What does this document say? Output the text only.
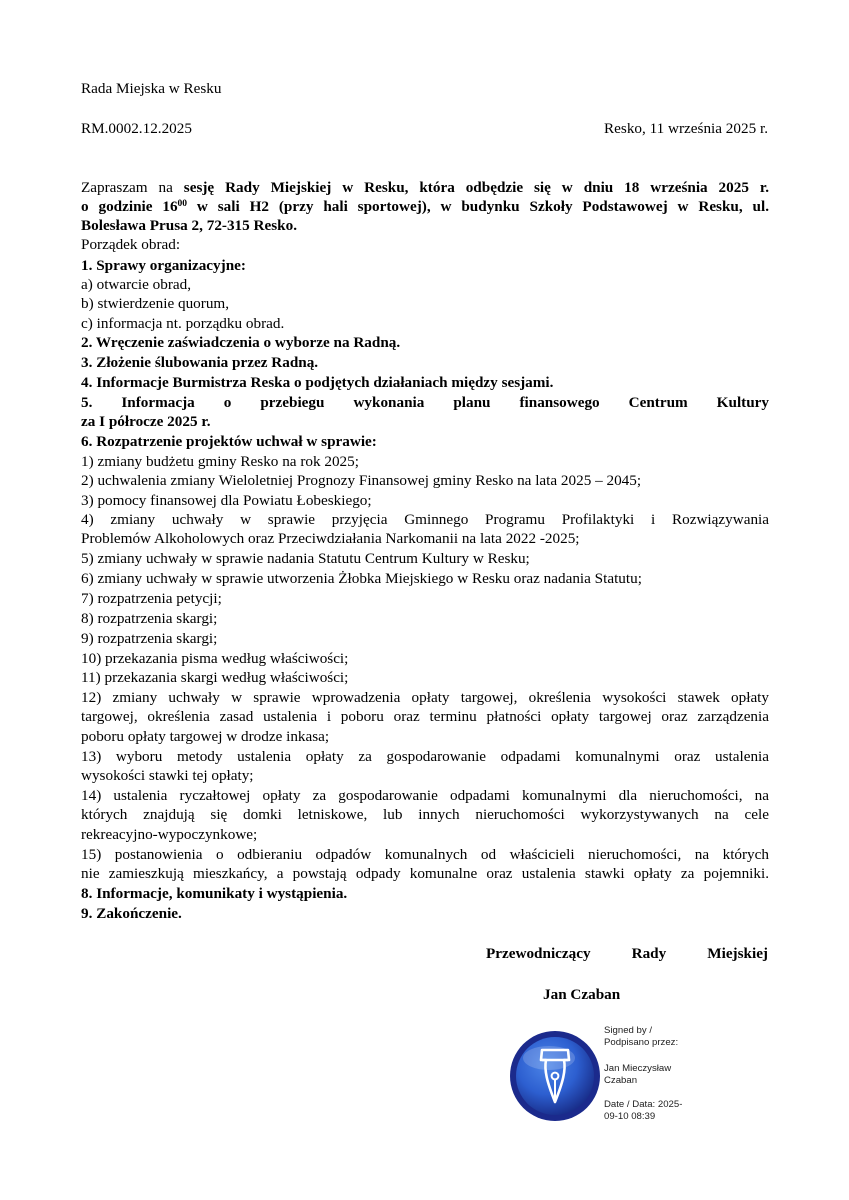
Rada Miejska w Resku
RM.0002.12.2025	Resko, 11 września 2025 r.
Zapraszam na sesję Rady Miejskiej w Resku, która odbędzie się w dniu 18 września 2025 r.
o godzinie $16^{00}$ w sali H2 (przy hali sportowej), w budynku Szkoły Podstawowej w Resku, ul.
Bolesława Prusa 2, 72-315 Resko.
Porządek obrad:
1. Sprawy organizacyjne:
a) otwarcie obrad,
b) stwierdzenie quorum,
c) informacja nt. porządku obrad.
2. Wręczenie zaświadczenia o wyborze na Radną.
3. Złożenie ślubowania przez Radną.
4. Informacje Burmistrza Reska o podjętych działaniach między sesjami.
5. Informacja o przebiegu wykonania planu finansowego Centrum Kultury
za I półrocze 2025 r.
6. Rozpatrzenie projektów uchwał w sprawie:
1) zmiany budżetu gminy Resko na rok 2025;
2) uchwalenia zmiany Wieloletniej Prognozy Finansowej gminy Resko na lata 2025 – 2045;
3) pomocy finansowej dla Powiatu Łobeskiego;
4) zmiany uchwały w sprawie przyjęcia Gminnego Programu Profilaktyki i Rozwiązywania
Problemów Alkoholowych oraz Przeciwdziałania Narkomanii na lata 2022 -2025;
5) zmiany uchwały w sprawie nadania Statutu Centrum Kultury w Resku;
6) zmiany uchwały w sprawie utworzenia Żłobka Miejskiego w Resku oraz nadania Statutu;
7) rozpatrzenia petycji;
8) rozpatrzenia skargi;
9) rozpatrzenia skargi;
10) przekazania pisma według właściwości;
11) przekazania skargi według właściwości;
12) zmiany uchwały w sprawie wprowadzenia opłaty targowej, określenia wysokości stawek opłaty
targowej, określenia zasad ustalenia i poboru oraz terminu płatności opłaty targowej oraz zarządzenia
poboru opłaty targowej w drodze inkasa;
13) wyboru metody ustalenia opłaty za gospodarowanie odpadami komunalnymi oraz ustalenia
wysokości stawki tej opłaty;
14) ustalenia ryczałtowej opłaty za gospodarowanie odpadami komunalnymi dla nieruchomości, na
których znajdują się domki letniskowe, lub innych nieruchomości wykorzystywanych na cele
rekreacyjno-wypoczynkowe;
15) postanowienia o odbieraniu odpadów komunalnych od właścicieli nieruchomości, na których
nie zamieszkują mieszkańcy, a powstają odpady komunalne oraz ustalenia stawki opłaty za pojemniki.
8. Informacje, komunikaty i wystąpienia.
9. Zakończenie.
Przewodniczący Rady Miejskiej
Jan Czaban
Signed by /
Podpisano przez:
Jan Mieczysław
Czaban
Date / Data: 2025-
09-10 08:39
